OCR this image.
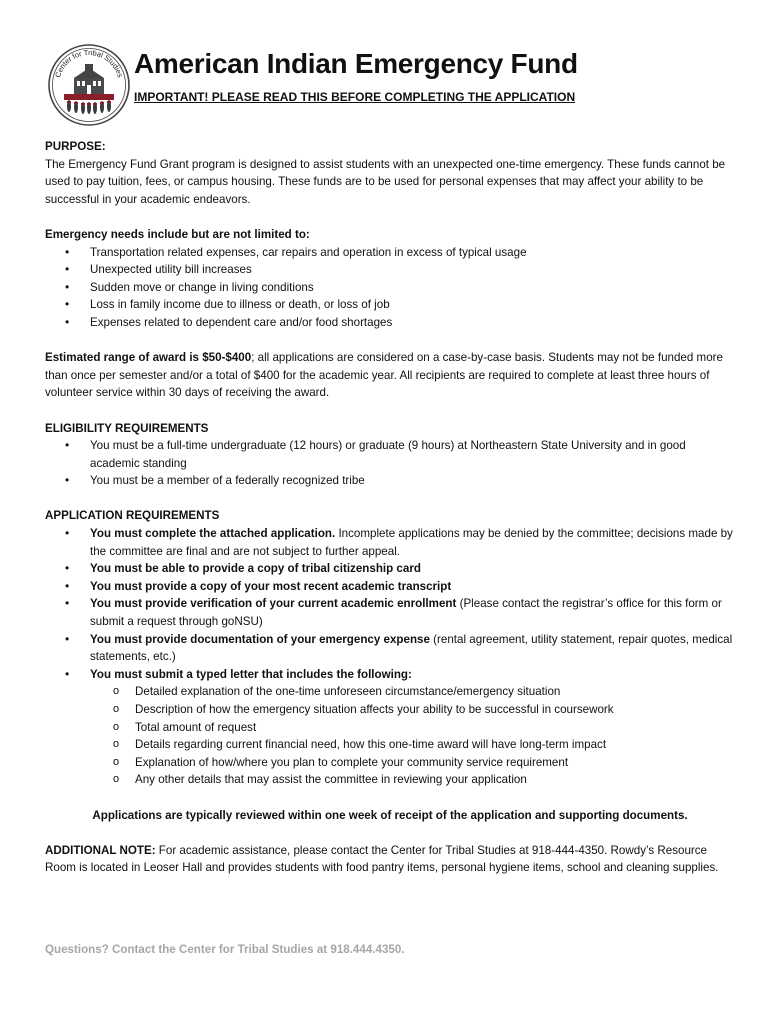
Center for Tribal Studies American Indian Emergency Fund
IMPORTANT! PLEASE READ THIS BEFORE COMPLETING THE APPLICATION

PURPOSE:

The Emergency Fund Grant program is designed to assist students with an unexpected one-time emergency. These funds cannot be used to pay tuition, fees, or campus housing. These funds are to be used for personal expenses that may affect your ability to be successful in your academic endeavors.

Emergency needs include but are not limited to:

• Transportation related expenses, car repairs and operation in excess of typical usage
• Unexpected utility bill increases
• Sudden move or change in living conditions
• Loss in family income due to illness or death, or loss of job
• Expenses related to dependent care and/or food shortages

Estimated range of award is $50-$400; all applications are considered on a case-by-case basis. Students may not be funded more than once per semester and/or a total of $400 for the academic year. All recipients are required to complete at least three hours of volunteer service within 30 days of receiving the award.

ELIGIBILITY REQUIREMENTS

• You must be a full-time undergraduate (12 hours) or graduate (9 hours) at Northeastern State University and in good academic standing
• You must be a member of a federally recognized tribe

APPLICATION REQUIREMENTS

• You must complete the attached application. Incomplete applications may be denied by the committee; decisions made by the committee are final and are not subject to further appeal.
• You must be able to provide a copy of tribal citizenship card
• You must provide a copy of your most recent academic transcript
• You must provide verification of your current academic enrollment (Please contact the registrar’s office for this form or submit a request through goNSU)
• You must provide documentation of your emergency expense (rental agreement, utility statement, repair quotes, medical statements, etc.)
• You must submit a typed letter that includes the following:
o Detailed explanation of the one-time unforeseen circumstance/emergency situation
o Description of how the emergency situation affects your ability to be successful in coursework
o Total amount of request
o Details regarding current financial need, how this one-time award will have long-term impact
o Explanation of how/where you plan to complete your community service requirement
o Any other details that may assist the committee in reviewing your application

Applications are typically reviewed within one week of receipt of the application and supporting documents.

ADDITIONAL NOTE: For academic assistance, please contact the Center for Tribal Studies at 918-444-4350. Rowdy’s Resource Room is located in Leoser Hall and provides students with food pantry items, personal hygiene items, school and cleaning supplies.

Questions? Contact the Center for Tribal Studies at 918.444.4350.
